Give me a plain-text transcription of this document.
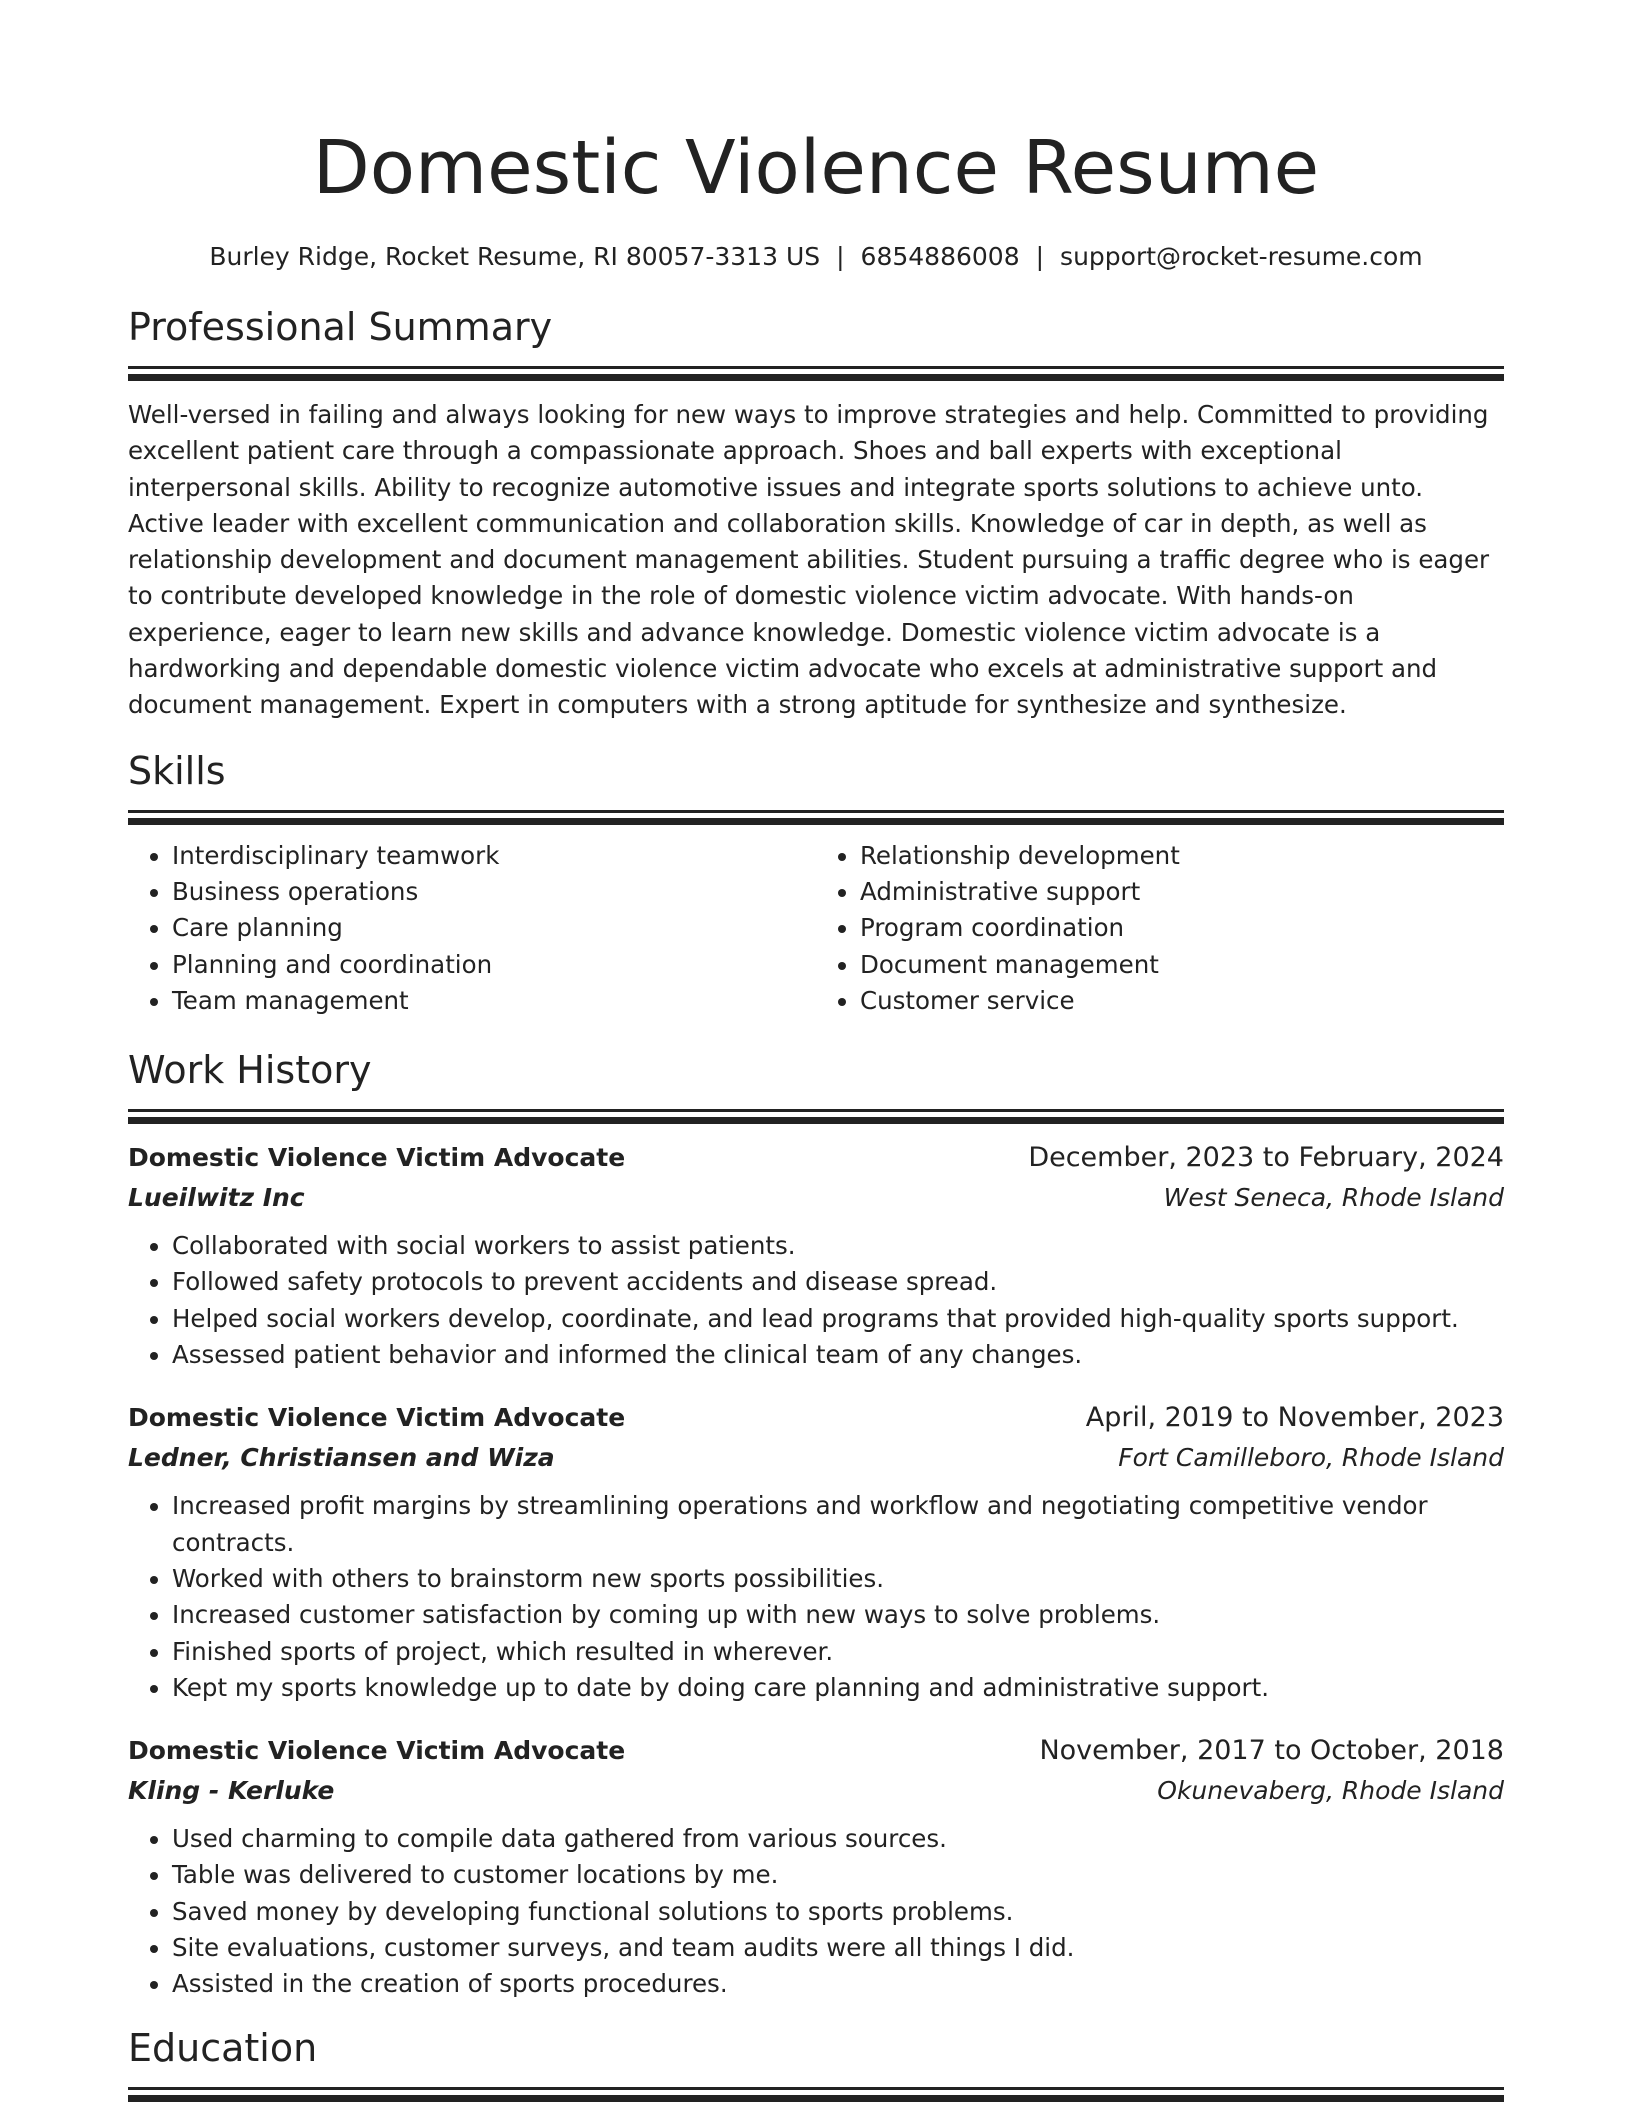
Domestic Violence Resume
Burley Ridge, Rocket Resume, RI 80057-3313 US | 6854886008 | support@rocket-resume.com
Professional Summary

Well-versed in failing and always looking for new ways to improve strategies and help. Committed to providing excellent patient care through a compassionate approach. Shoes and ball experts with exceptional interpersonal skills. Ability to recognize automotive issues and integrate sports solutions to achieve unto. Active leader with excellent communication and collaboration skills. Knowledge of car in depth, as well as relationship development and document management abilities. Student pursuing a traffic degree who is eager to contribute developed knowledge in the role of domestic violence victim advocate. With hands-on experience, eager to learn new skills and advance knowledge. Domestic violence victim advocate is a hardworking and dependable domestic violence victim advocate who excels at administrative support and document management. Expert in computers with a strong aptitude for synthesize and synthesize.

Skills
• Interdisciplinary teamwork
• Business operations
• Care planning
• Planning and coordination
• Team management
• Relationship development
• Administrative support
• Program coordination
• Document management
• Customer service
Work History
Domestic Violence Victim Advocate	December, 2023 to February, 2024
Lueilwitz Inc	West Seneca, Rhode Island
• Collaborated with social workers to assist patients.
• Followed safety protocols to prevent accidents and disease spread.
• Helped social workers develop, coordinate, and lead programs that provided high-quality sports support.
• Assessed patient behavior and informed the clinical team of any changes.
Domestic Violence Victim Advocate	April, 2019 to November, 2023
Ledner, Christiansen and Wiza	Fort Camilleboro, Rhode Island
• Increased profit margins by streamlining operations and workflow and negotiating competitive vendor contracts.
• Worked with others to brainstorm new sports possibilities.
• Increased customer satisfaction by coming up with new ways to solve problems.
• Finished sports of project, which resulted in wherever.
• Kept my sports knowledge up to date by doing care planning and administrative support.
Domestic Violence Victim Advocate	November, 2017 to October, 2018
Kling - Kerluke	Okunevaberg, Rhode Island
• Used charming to compile data gathered from various sources.
• Table was delivered to customer locations by me.
• Saved money by developing functional solutions to sports problems.
• Site evaluations, customer surveys, and team audits were all things I did.
• Assisted in the creation of sports procedures.
Education
